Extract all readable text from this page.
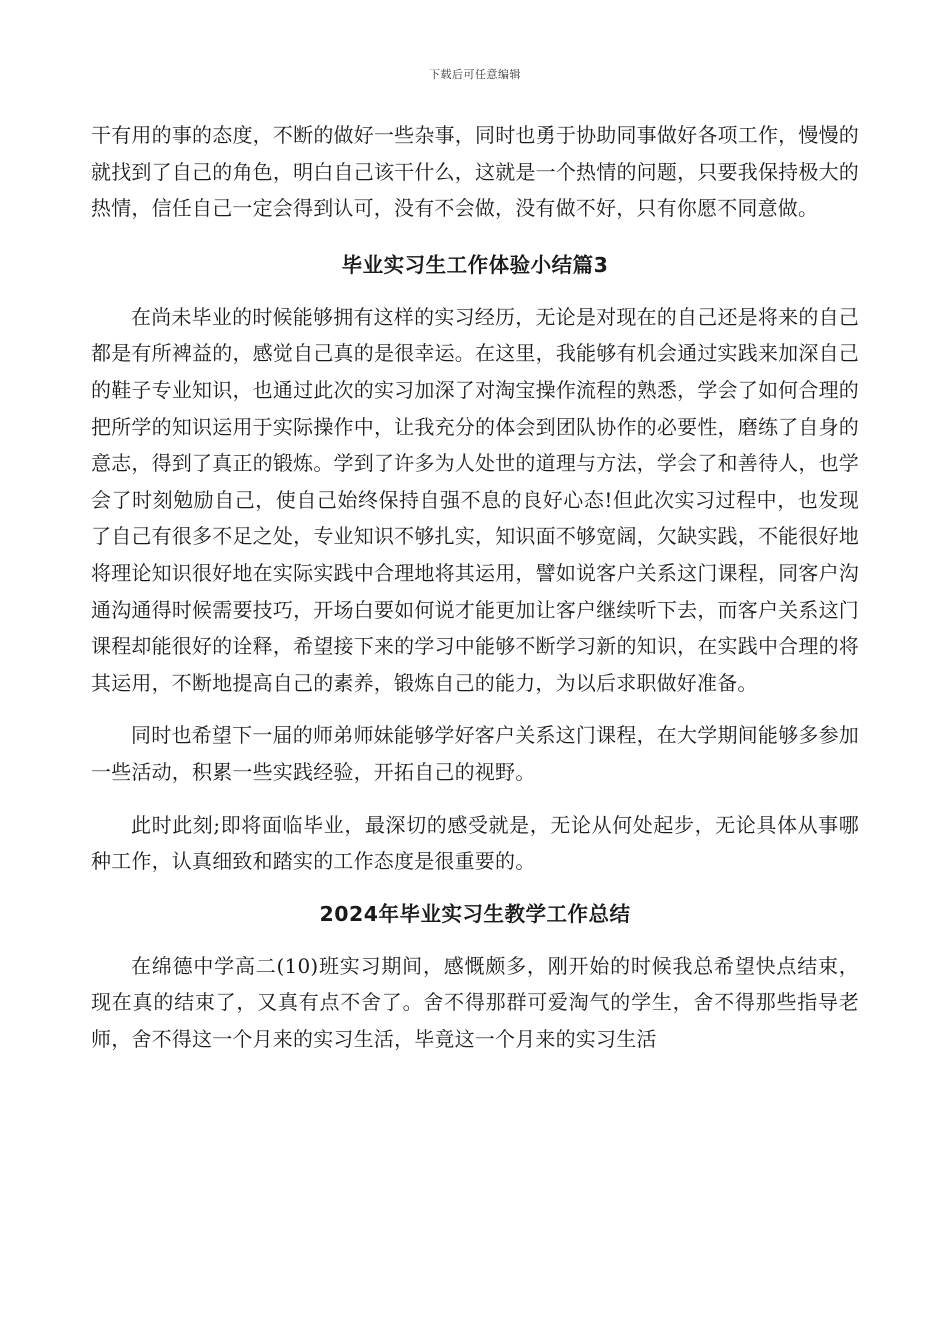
下载后可任意编辑

干有用的事的态度，不断的做好一些杂事，同时也勇于协助同事做好各项工作，慢慢的就找到了自己的角色，明白自己该干什么，这就是一个热情的问题，只要我保持极大的热情，信任自己一定会得到认可，没有不会做，没有做不好，只有你愿不同意做。

毕业实习生工作体验小结篇3

在尚未毕业的时候能够拥有这样的实习经历，无论是对现在的自己还是将来的自己都是有所裨益的，感觉自己真的是很幸运。在这里，我能够有机会通过实践来加深自己的鞋子专业知识，也通过此次的实习加深了对淘宝操作流程的熟悉，学会了如何合理的把所学的知识运用于实际操作中，让我充分的体会到团队协作的必要性，磨练了自身的意志，得到了真正的锻炼。学到了许多为人处世的道理与方法，学会了和善待人，也学会了时刻勉励自己，使自己始终保持自强不息的良好心态!但此次实习过程中，也发现了自己有很多不足之处，专业知识不够扎实，知识面不够宽阔，欠缺实践，不能很好地将理论知识很好地在实际实践中合理地将其运用，譬如说客户关系这门课程，同客户沟通沟通得时候需要技巧，开场白要如何说才能更加让客户继续听下去，而客户关系这门课程却能很好的诠释，希望接下来的学习中能够不断学习新的知识，在实践中合理的将其运用，不断地提高自己的素养，锻炼自己的能力，为以后求职做好准备。

同时也希望下一届的师弟师妹能够学好客户关系这门课程，在大学期间能够多参加一些活动，积累一些实践经验，开拓自己的视野。

此时此刻;即将面临毕业，最深切的感受就是，无论从何处起步，无论具体从事哪种工作，认真细致和踏实的工作态度是很重要的。

2024年毕业实习生教学工作总结

在绵德中学高二(10)班实习期间，感慨颇多，刚开始的时候我总希望快点结束，现在真的结束了，又真有点不舍了。舍不得那群可爱淘气的学生，舍不得那些指导老师，舍不得这一个月来的实习生活，毕竟这一个月来的实习生活
